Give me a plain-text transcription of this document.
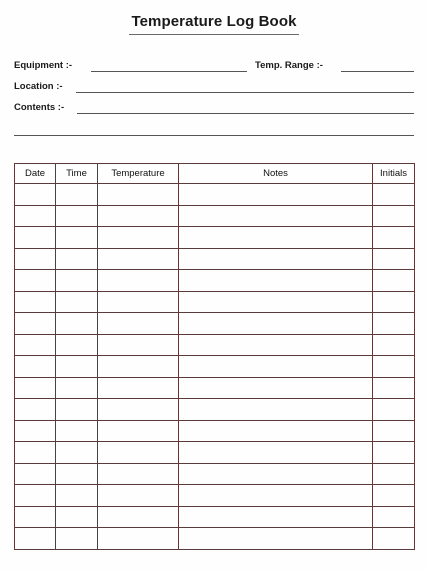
Temperature Log Book
Equipment :-	Temp. Range :-
Location :-
Contents :-
Date	Time	Temperature	Notes	Initials
